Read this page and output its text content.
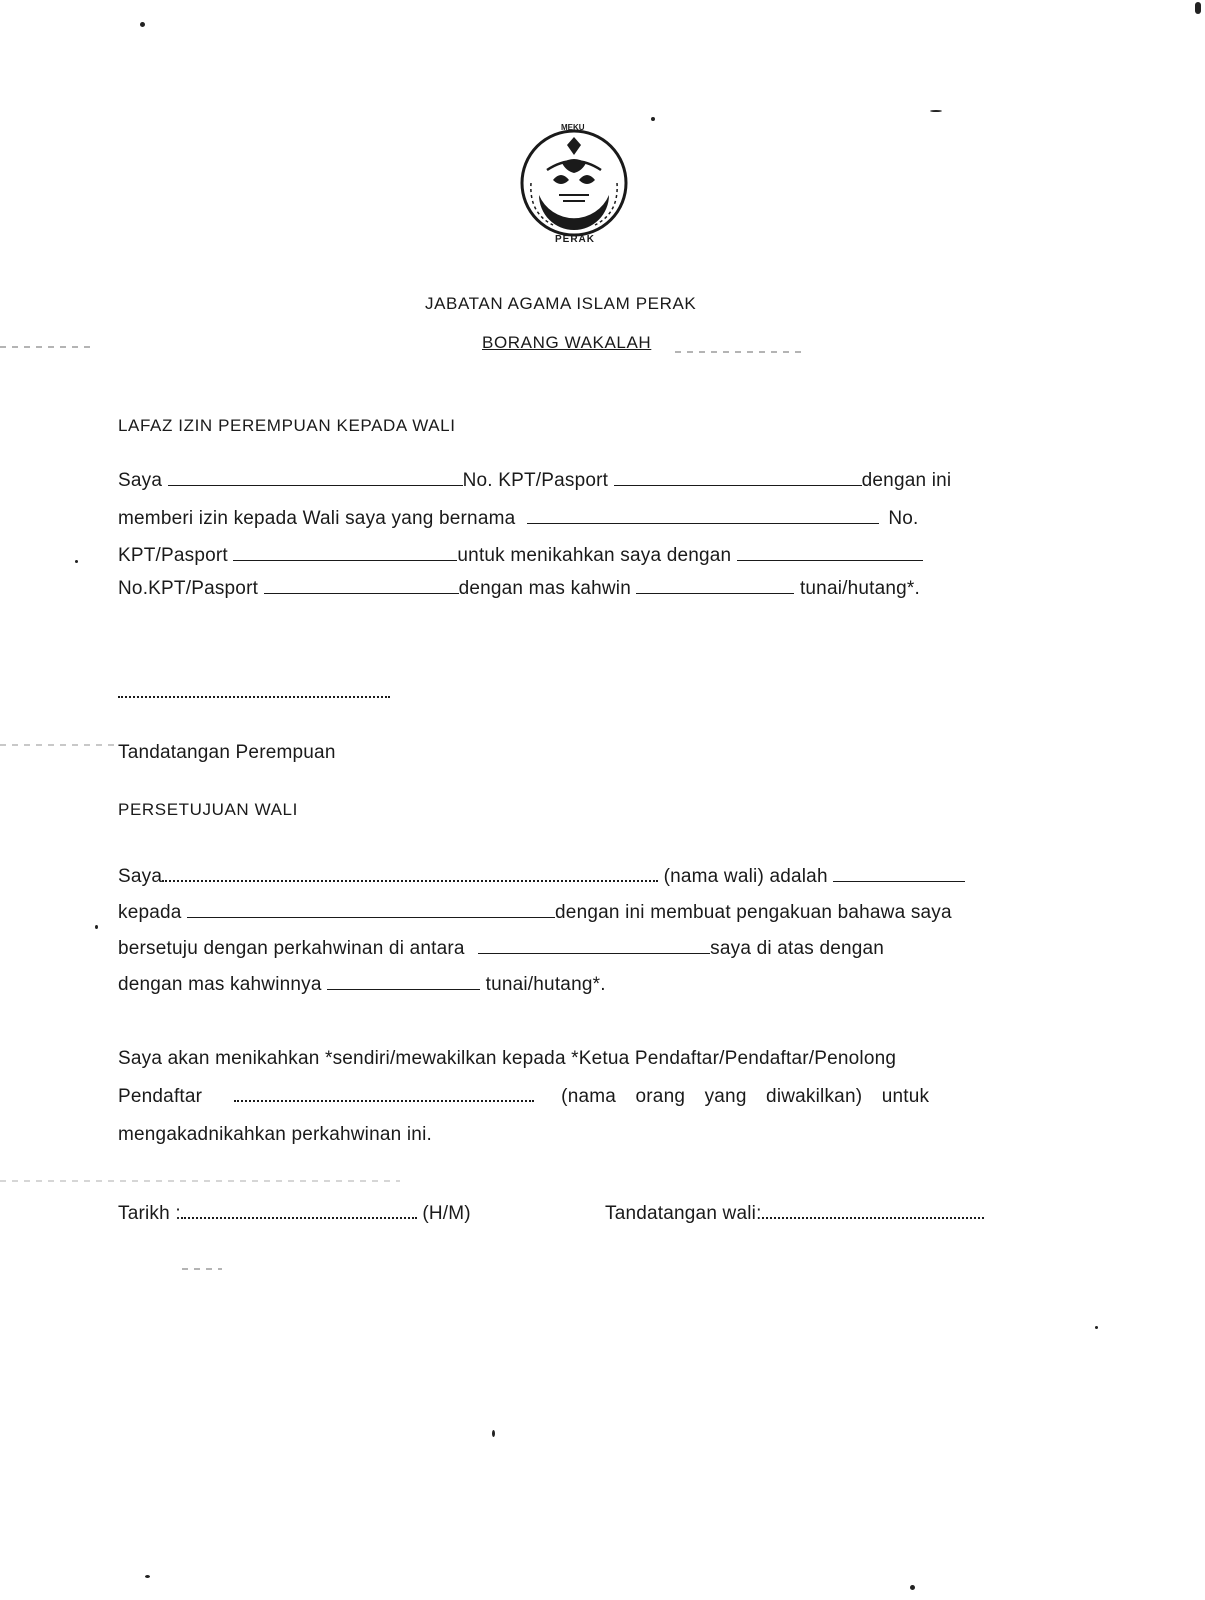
MEKU
PERAK
JABATAN AGAMA ISLAM PERAK
BORANG WAKALAH
LAFAZ IZIN PEREMPUAN KEPADA WALI
Saya	No. KPT/Pasport	dengan ini
memberi izin kepada Wali saya yang bernama	No.
KPT/Pasport	untuk menikahkan saya dengan
No.KPT/Pasport	dengan mas kahwin	tunai/hutang*.
Tandatangan Perempuan
PERSETUJUAN WALI
Saya	(nama wali) adalah
kepada	dengan ini membuat pengakuan bahawa saya
bersetuju dengan perkahwinan di antara	saya di atas dengan
dengan mas kahwinnya	tunai/hutang*.
Saya akan menikahkan *sendiri/mewakilkan kepada *Ketua Pendaftar/Pendaftar/Penolong
Pendaftar	(nama orang yang diwakilkan) untuk
mengakadnikahkan perkahwinan ini.
Tarikh :	(H/M)	Tandatangan wali:
